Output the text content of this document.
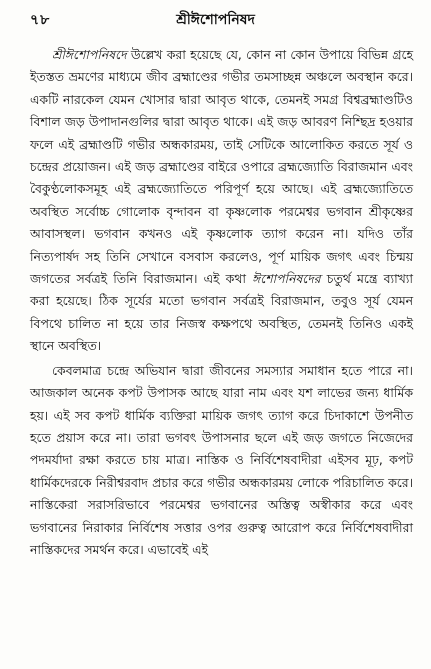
৭৮	শ্রীঈশোপনিষদ

শ্রীঈশোপনিষদে উল্লেখ করা হয়েছে যে, কোন না কোন উপায়ে বিভিন্ন গ্রহে ইতস্তত ভ্রমণের মাধ্যমে জীব ব্রহ্মাণ্ডের গভীর তমসাচ্ছন্ন অঞ্চলে অবস্থান করে। একটি নারকেল যেমন খোসার দ্বারা আবৃত থাকে, তেমনই সমগ্র বিশ্বব্রহ্মাণ্ডটিও বিশাল জড় উপাদানগুলির দ্বারা আবৃত থাকে। এই জড় আবরণ নিশ্ছিদ্র হওয়ার ফলে এই ব্রহ্মাণ্ডটি গভীর অন্ধকারময়, তাই সেটিকে আলোকিত করতে সূর্য ও চন্দ্রের প্রয়োজন। এই জড় ব্রহ্মাণ্ডের বাইরে ওপারে ব্রহ্মজ্যোতি বিরাজমান এবং বৈকুণ্ঠলোকসমূহ এই ব্রহ্মজ্যোতিতে পরিপূর্ণ হয়ে আছে। এই ব্রহ্মজ্যোতিতে অবস্থিত সর্বোচ্চ গোলোক বৃন্দাবন বা কৃষ্ণলোক পরমেশ্বর ভগবান শ্রীকৃষ্ণের আবাসস্থল। ভগবান কখনও এই কৃষ্ণলোক ত্যাগ করেন না। যদিও তাঁর নিত্যপার্ষদ সহ তিনি সেখানে বসবাস করলেও, পূর্ণ মায়িক জগৎ এবং চিন্ময় জগতের সর্বত্রই তিনি বিরাজমান। এই কথা ঈশোপনিষদের চতুর্থ মন্ত্রে ব্যাখ্যা করা হয়েছে। ঠিক সূর্যের মতো ভগবান সর্বত্রই বিরাজমান, তবুও সূর্য যেমন বিপথে চালিত না হয়ে তার নিজস্ব কক্ষপথে অবস্থিত, তেমনই তিনিও একই স্থানে অবস্থিত।

কেবলমাত্র চন্দ্রে অভিযান দ্বারা জীবনের সমস্যার সমাধান হতে পারে না। আজকাল অনেক কপট উপাসক আছে যারা নাম এবং যশ লাভের জন্য ধার্মিক হয়। এই সব কপট ধার্মিক ব্যক্তিরা মায়িক জগৎ ত্যাগ করে চিদাকাশে উপনীত হতে প্রয়াস করে না। তারা ভগবৎ উপাসনার ছলে এই জড় জগতে নিজেদের পদমর্যাদা রক্ষা করতে চায় মাত্র। নাস্তিক ও নির্বিশেষবাদীরা এইসব মূঢ়, কপট ধার্মিকদেরকে নিরীশ্বরবাদ প্রচার করে গভীর অন্ধকারময় লোকে পরিচালিত করে। নাস্তিকেরা সরাসরিভাবে পরমেশ্বর ভগবানের অস্তিত্ব অস্বীকার করে এবং ভগবানের নিরাকার নির্বিশেষ সত্তার ওপর গুরুত্ব আরোপ করে নির্বিশেষবাদীরা নাস্তিকদের সমর্থন করে। এভাবেই এই
